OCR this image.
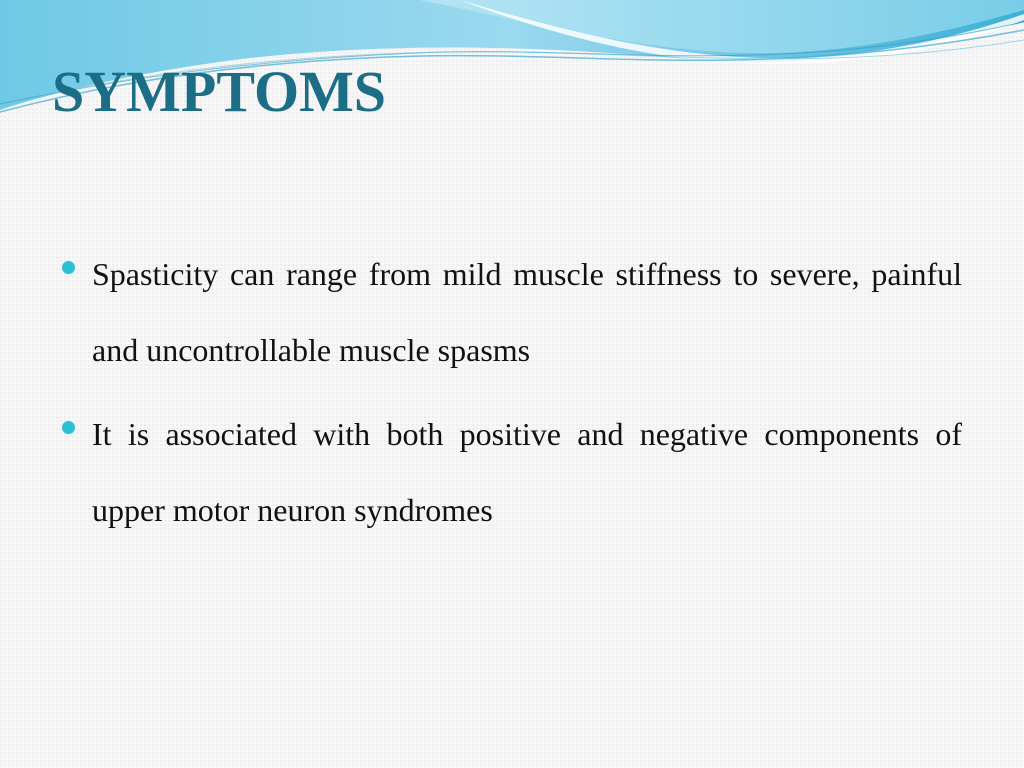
SYMPTOMS
Spasticity can range from mild muscle stiffness to severe, painful and uncontrollable muscle spasms
It is associated with both positive and negative components of upper motor neuron syndromes
